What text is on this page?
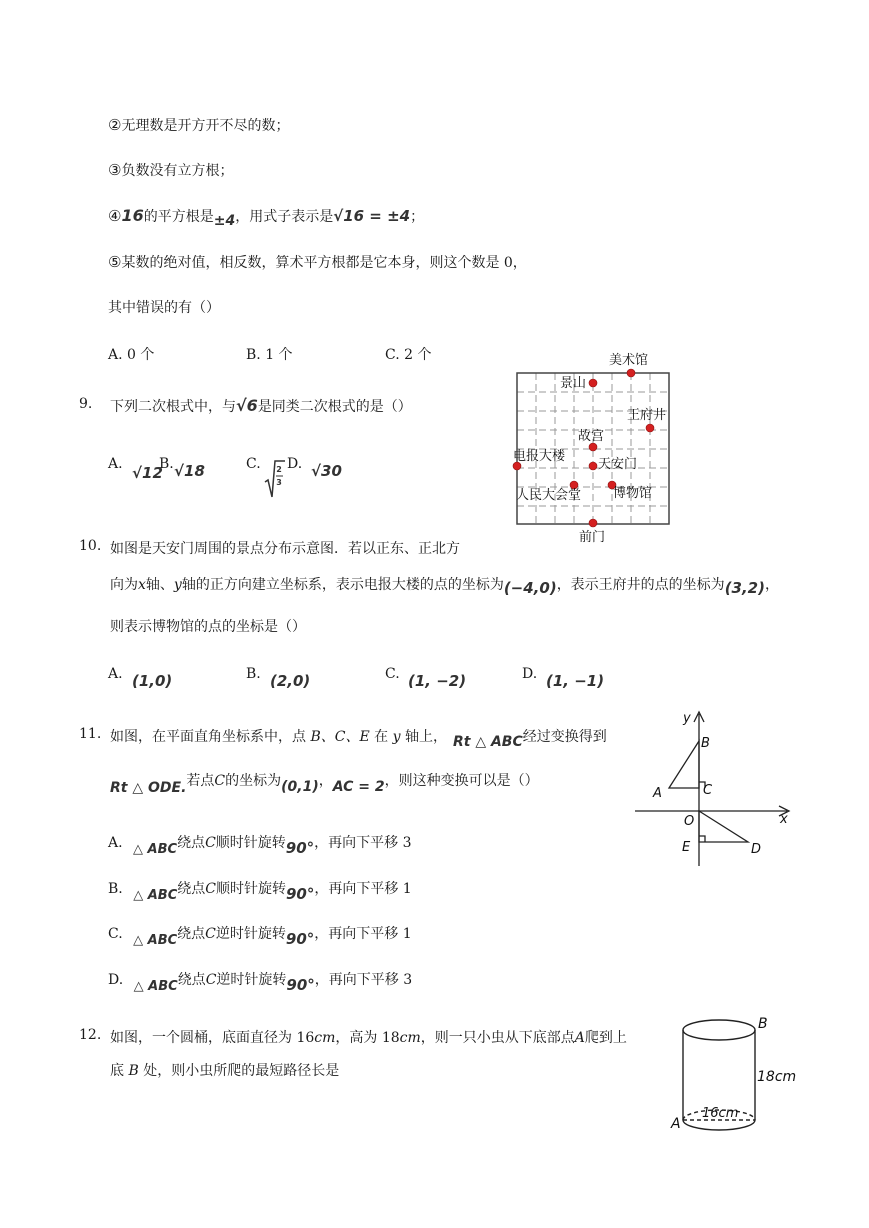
②无理数是开方开不尽的数；
③负数没有立方根；
④16的平方根是±4，用式子表示是√16 = ±4；
⑤某数的绝对值，相反数，算术平方根都是它本身，则这个数是 0，
其中错误的有（）
A. 0 个	B. 1 个	C. 2 个
9. 下列二次根式中，与√6是同类二次根式的是（）
A. √12
B. √18	C. 2
3
D. √30
美术馆
景山
王府井
故宫
电报大楼
天安门
人民大会堂 博物馆
前门
10. 如图是天安门周围的景点分布示意图．若以正东、正北方
向为x轴、y轴的正方向建立坐标系，表示电报大楼的点的坐标为(−4,0)，表示王府井的点的坐标为(3,2)，
则表示博物馆的点的坐标是（）
A. (1,0)	B. (2,0)	C. (1, −2)	D. (1, −1)
11. 如图，在平面直角坐标系中，点 B、C、E 在 y 轴上， Rt △ ABC经过变换得到
Rt △ ODE.若点C的坐标为(0,1)，AC = 2，则这种变换可以是（）
A. △ ABC绕点C顺时针旋转90°，再向下平移 3
B. △ ABC绕点C顺时针旋转90°，再向下平移 1
C. △ ABC绕点C逆时针旋转90°，再向下平移 1
D. △ ABC绕点C逆时针旋转90°，再向下平移 3
y
x
B
A	C
O
E	D
12. 如图，一个圆桶，底面直径为 16cm，高为 18cm，则一只小虫从下底部点A爬到上
底 B 处，则小虫所爬的最短路径长是
B
A
18cm
16cm
